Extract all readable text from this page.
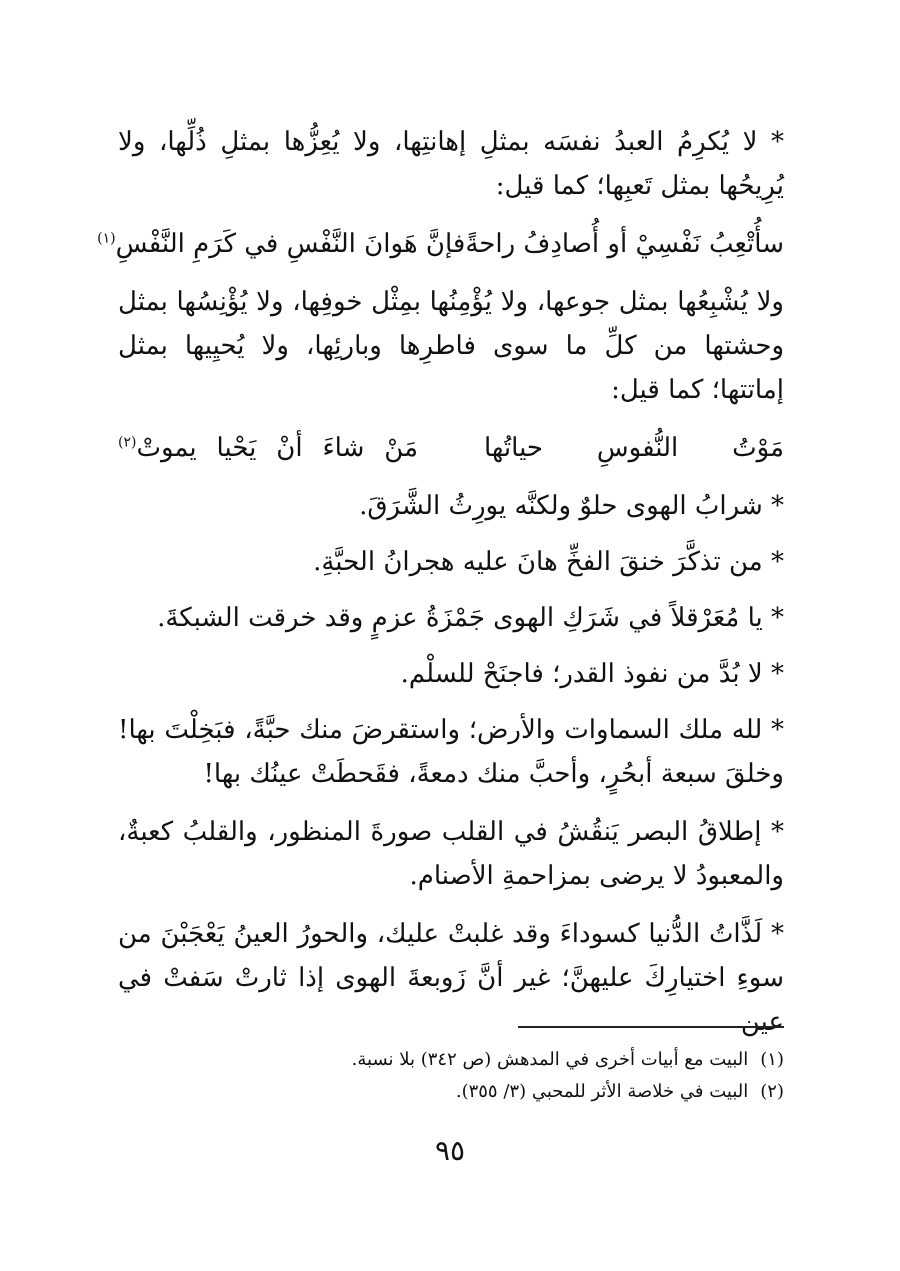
* لا يُكرِمُ العبدُ نفسَه بمثلِ إهانتِها، ولا يُعِزُّها بمثلِ ذُلِّها، ولا يُرِيحُها بمثل تَعبِها؛ كما قيل:

سأُتْعِبُ نَفْسِيْ أو أُصادِفُ راحةً
فإنَّ هَوانَ النَّفْسِ في كَرَمِ النَّفْسِ$^{(١)}$

ولا يُشْبِعُها بمثل جوعها، ولا يُؤْمِنُها بمِثْل خوفِها، ولا يُؤْنِسُها بمثل وحشتها من كلِّ ما سوى فاطرِها وبارئِها، ولا يُحيِيها بمثل إماتتها؛ كما قيل:

مَوْتُ
النُّفوسِ
حياتُها
مَنْ
شاءَ
أنْ
يَحْيا
يموتْ$^{(٢)}$

* شرابُ الهوى حلوٌ ولكنَّه يورِثُ الشَّرَقَ.

* من تذكَّرَ خنقَ الفخِّ هانَ عليه هجرانُ الحبَّةِ.

* يا مُعَرْقلاً في شَرَكِ الهوى جَمْزَةُ عزمٍ وقد خرقت الشبكةَ.

* لا بُدَّ من نفوذ القدر؛ فاجنَحْ للسلْم.

* لله ملك السماوات والأرض؛ واستقرضَ منك حبَّةً، فبَخِلْتَ بها! وخلقَ سبعة أبحُرٍ، وأحبَّ منك دمعةً، فقَحطَتْ عينُك بها!

* إطلاقُ البصر يَنقُشُ في القلب صورةَ المنظور، والقلبُ كعبةٌ، والمعبودُ لا يرضى بمزاحمةِ الأصنام.

* لَذَّاتُ الدُّنيا كسوداءَ وقد غلبتْ عليك، والحورُ العينُ يَعْجَبْنَ من سوءِ اختيارِكَ عليهنَّ؛ غير أنَّ زَوبعةَ الهوى إذا ثارتْ سَفتْ في عين

(١)البيت مع أبيات أخرى في المدهش (ص ٣٤٢) بلا نسبة.
(٢)البيت في خلاصة الأثر للمحبي (٣/ ٣٥٥).
٩٥
